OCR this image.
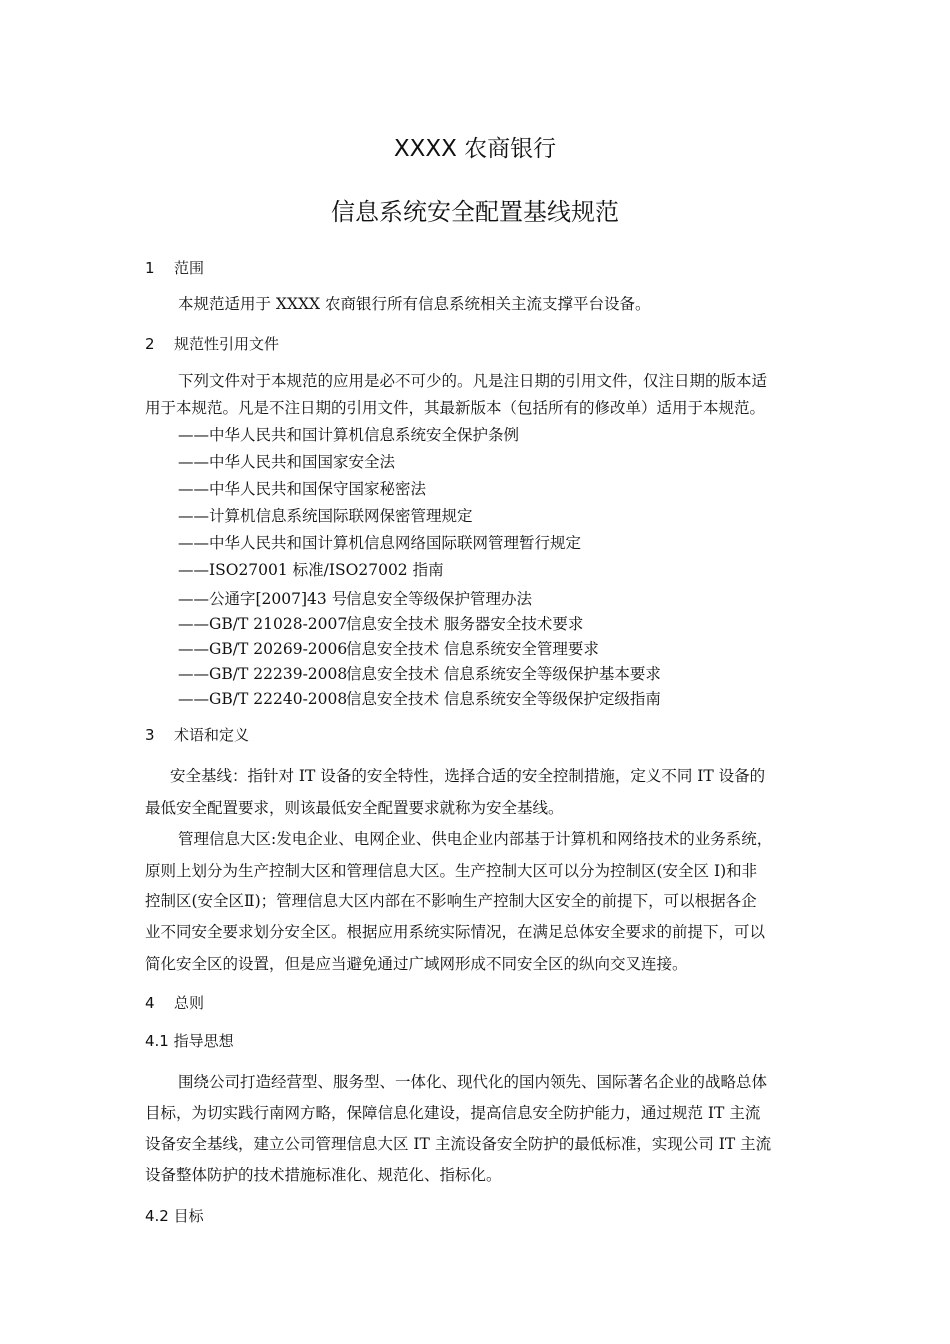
XXXX 农商银行
信息系统安全配置基线规范
1 范围
本规范适用于 XXXX 农商银行所有信息系统相关主流支撑平台设备。
2 规范性引用文件
下列文件对于本规范的应用是必不可少的。凡是注日期的引用文件，仅注日期的版本适
用于本规范。凡是不注日期的引用文件，其最新版本（包括所有的修改单）适用于本规范。
——中华人民共和国计算机信息系统安全保护条例
——中华人民共和国国家安全法
——中华人民共和国保守国家秘密法
——计算机信息系统国际联网保密管理规定
——中华人民共和国计算机信息网络国际联网管理暂行规定
——ISO27001 标准/ISO27002 指南
——公通字[2007]43 号信息安全等级保护管理办法
——GB/T 21028-2007信息安全技术 服务器安全技术要求
——GB/T 20269-2006信息安全技术 信息系统安全管理要求
——GB/T 22239-2008信息安全技术 信息系统安全等级保护基本要求
——GB/T 22240-2008信息安全技术 信息系统安全等级保护定级指南
3 术语和定义
安全基线：指针对 IT 设备的安全特性，选择合适的安全控制措施，定义不同 IT 设备的
最低安全配置要求，则该最低安全配置要求就称为安全基线。
管理信息大区:发电企业、电网企业、供电企业内部基于计算机和网络技术的业务系统，
原则上划分为生产控制大区和管理信息大区。生产控制大区可以分为控制区(安全区 I)和非
控制区(安全区Ⅱ)；管理信息大区内部在不影响生产控制大区安全的前提下，可以根据各企
业不同安全要求划分安全区。根据应用系统实际情况，在满足总体安全要求的前提下，可以
简化安全区的设置，但是应当避免通过广域网形成不同安全区的纵向交叉连接。
4 总则
4.1 指导思想
围绕公司打造经营型、服务型、一体化、现代化的国内领先、国际著名企业的战略总体
目标，为切实践行南网方略，保障信息化建设，提高信息安全防护能力，通过规范 IT 主流
设备安全基线，建立公司管理信息大区 IT 主流设备安全防护的最低标准，实现公司 IT 主流
设备整体防护的技术措施标准化、规范化、指标化。
4.2 目标
